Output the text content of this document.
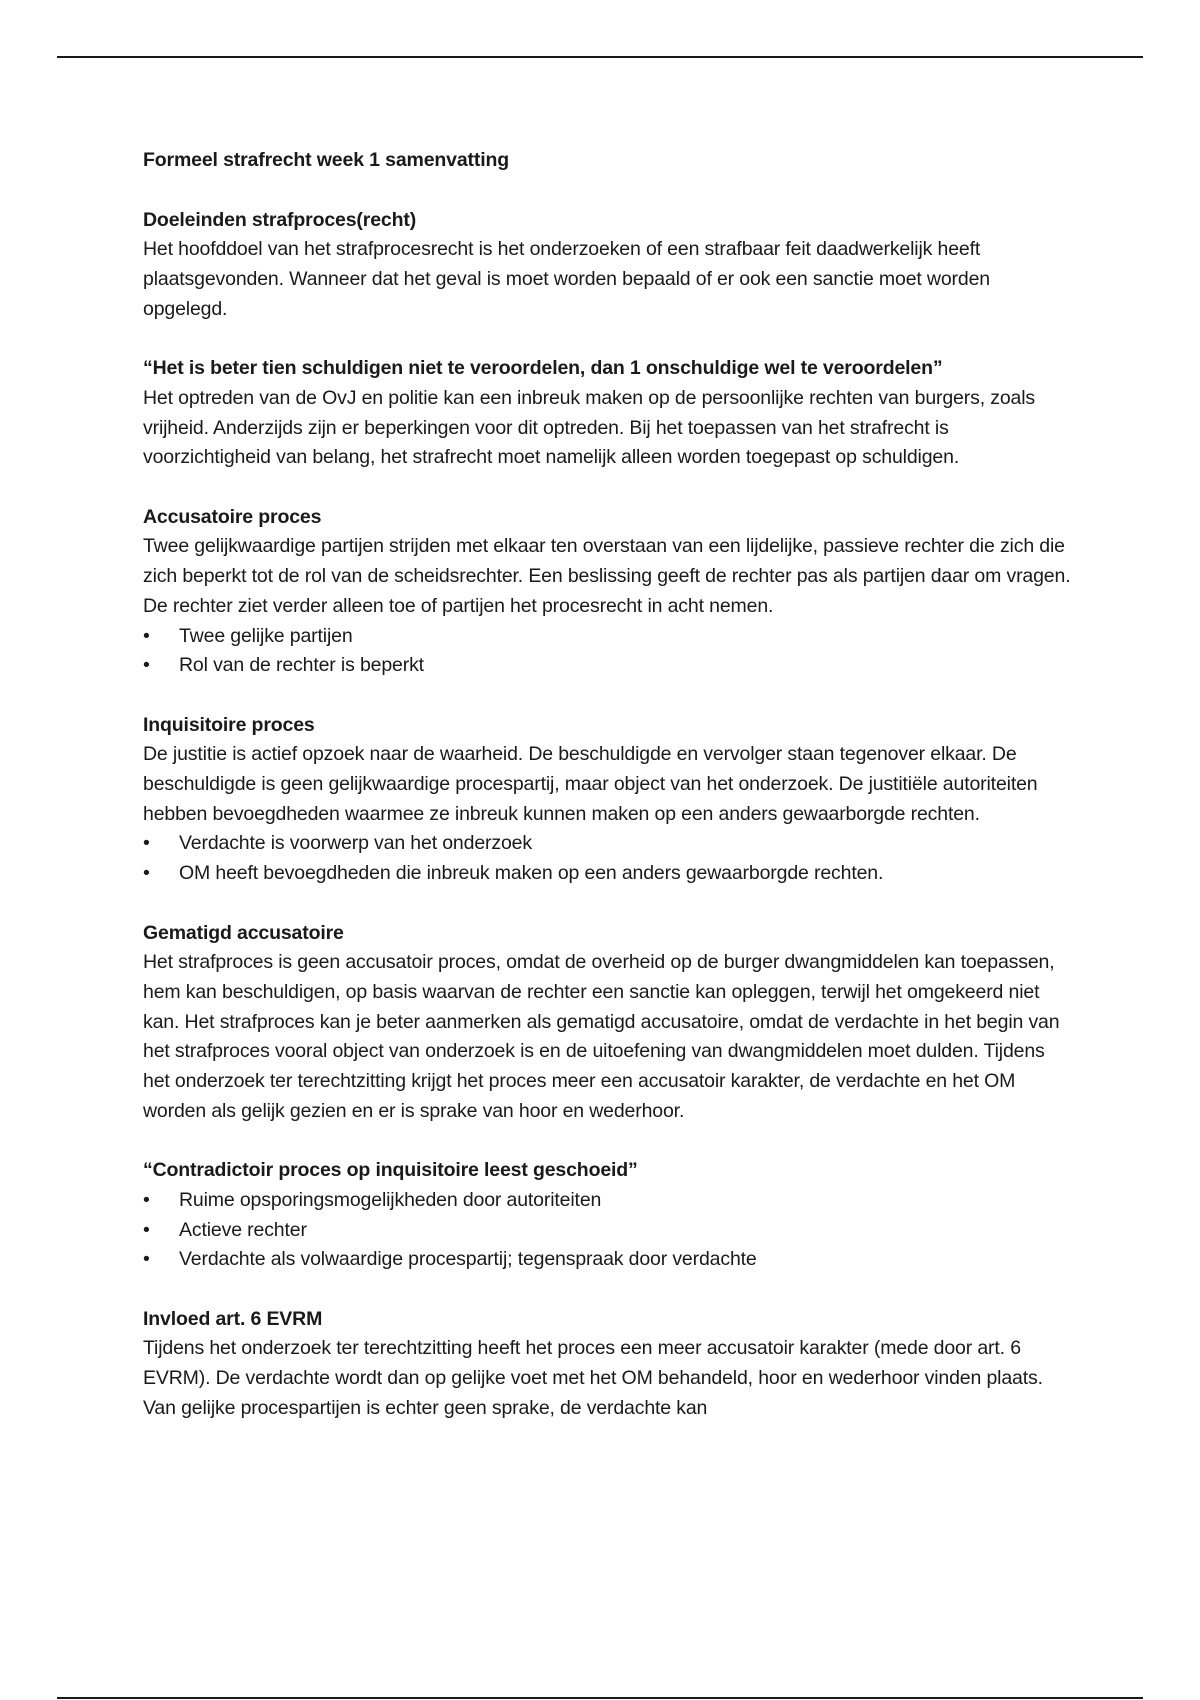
Formeel strafrecht week 1 samenvatting
Doeleinden strafproces(recht)

Het hoofddoel van het strafprocesrecht is het onderzoeken of een strafbaar feit daadwerkelijk heeft plaatsgevonden. Wanneer dat het geval is moet worden bepaald of er ook een sanctie moet worden opgelegd.

“Het is beter tien schuldigen niet te veroordelen, dan 1 onschuldige wel te veroordelen”

Het optreden van de OvJ en politie kan een inbreuk maken op de persoonlijke rechten van burgers, zoals vrijheid. Anderzijds zijn er beperkingen voor dit optreden. Bij het toepassen van het strafrecht is voorzichtigheid van belang, het strafrecht moet namelijk alleen worden toegepast op schuldigen.

Accusatoire proces

Twee gelijkwaardige partijen strijden met elkaar ten overstaan van een lijdelijke, passieve rechter die zich die zich beperkt tot de rol van de scheidsrechter. Een beslissing geeft de rechter pas als partijen daar om vragen. De rechter ziet verder alleen toe of partijen het procesrecht in acht nemen.

• Twee gelijke partijen
• Rol van de rechter is beperkt
Inquisitoire proces

De justitie is actief opzoek naar de waarheid. De beschuldigde en vervolger staan tegenover elkaar. De beschuldigde is geen gelijkwaardige procespartij, maar object van het onderzoek. De justitiële autoriteiten hebben bevoegdheden waarmee ze inbreuk kunnen maken op een anders gewaarborgde rechten.

• Verdachte is voorwerp van het onderzoek
• OM heeft bevoegdheden die inbreuk maken op een anders gewaarborgde rechten.
Gematigd accusatoire

Het strafproces is geen accusatoir proces, omdat de overheid op de burger dwangmiddelen kan toepassen, hem kan beschuldigen, op basis waarvan de rechter een sanctie kan opleggen, terwijl het omgekeerd niet kan. Het strafproces kan je beter aanmerken als gematigd accusatoire, omdat de verdachte in het begin van het strafproces vooral object van onderzoek is en de uitoefening van dwangmiddelen moet dulden. Tijdens het onderzoek ter terechtzitting krijgt het proces meer een accusatoir karakter, de verdachte en het OM worden als gelijk gezien en er is sprake van hoor en wederhoor.

“Contradictoir proces op inquisitoire leest geschoeid”
• Ruime opsporingsmogelijkheden door autoriteiten
• Actieve rechter
• Verdachte als volwaardige procespartij; tegenspraak door verdachte
Invloed art. 6 EVRM

Tijdens het onderzoek ter terechtzitting heeft het proces een meer accusatoir karakter (mede door art. 6 EVRM). De verdachte wordt dan op gelijke voet met het OM behandeld, hoor en wederhoor vinden plaats. Van gelijke procespartijen is echter geen sprake, de verdachte kan
